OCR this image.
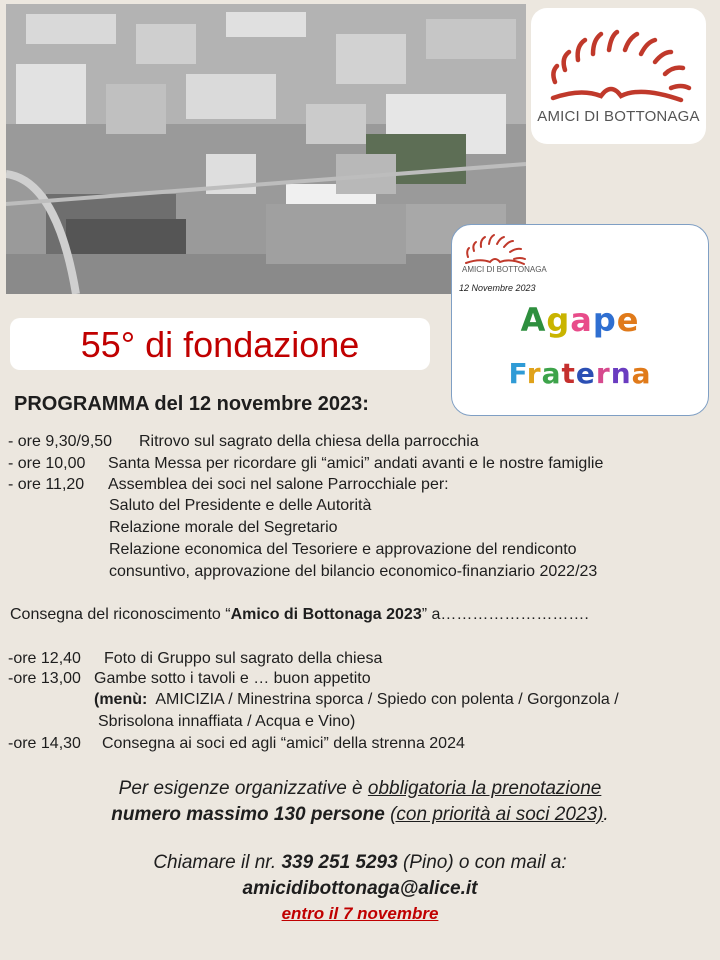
AMICI DI BOTTONAGA
AMICI DI BOTTONAGA
12 Novembre 2023
Agape
Fraterna
55° di fondazione
PROGRAMMA del 12 novembre 2023:
- ore 9,30/9,50 Ritrovo sul sagrato della chiesa della parrocchia
- ore 10,00 Santa Messa per ricordare gli “amici” andati avanti e le nostre famiglie
- ore 11,20 Assemblea dei soci nel salone Parrocchiale per:
Saluto del Presidente e delle Autorità
Relazione morale del Segretario
Relazione economica del Tesoriere e approvazione del rendiconto
consuntivo, approvazione del bilancio economico-finanziario 2022/23
Consegna del riconoscimento “Amico di Bottonaga 2023” a……………………….
-ore 12,40 Foto di Gruppo sul sagrato della chiesa
-ore 13,00 Gambe sotto i tavoli e … buon appetito
(menù: AMICIZIA / Minestrina sporca / Spiedo con polenta / Gorgonzola /
Sbrisolona innaffiata / Acqua e Vino)
-ore 14,30 Consegna ai soci ed agli “amici” della strenna 2024
Per esigenze organizzative è obbligatoria la prenotazione
numero massimo 130 persone (con priorità ai soci 2023).
Chiamare il nr. 339 251 5293 (Pino) o con mail a:
amicidibottonaga@alice.it
entro il 7 novembre
